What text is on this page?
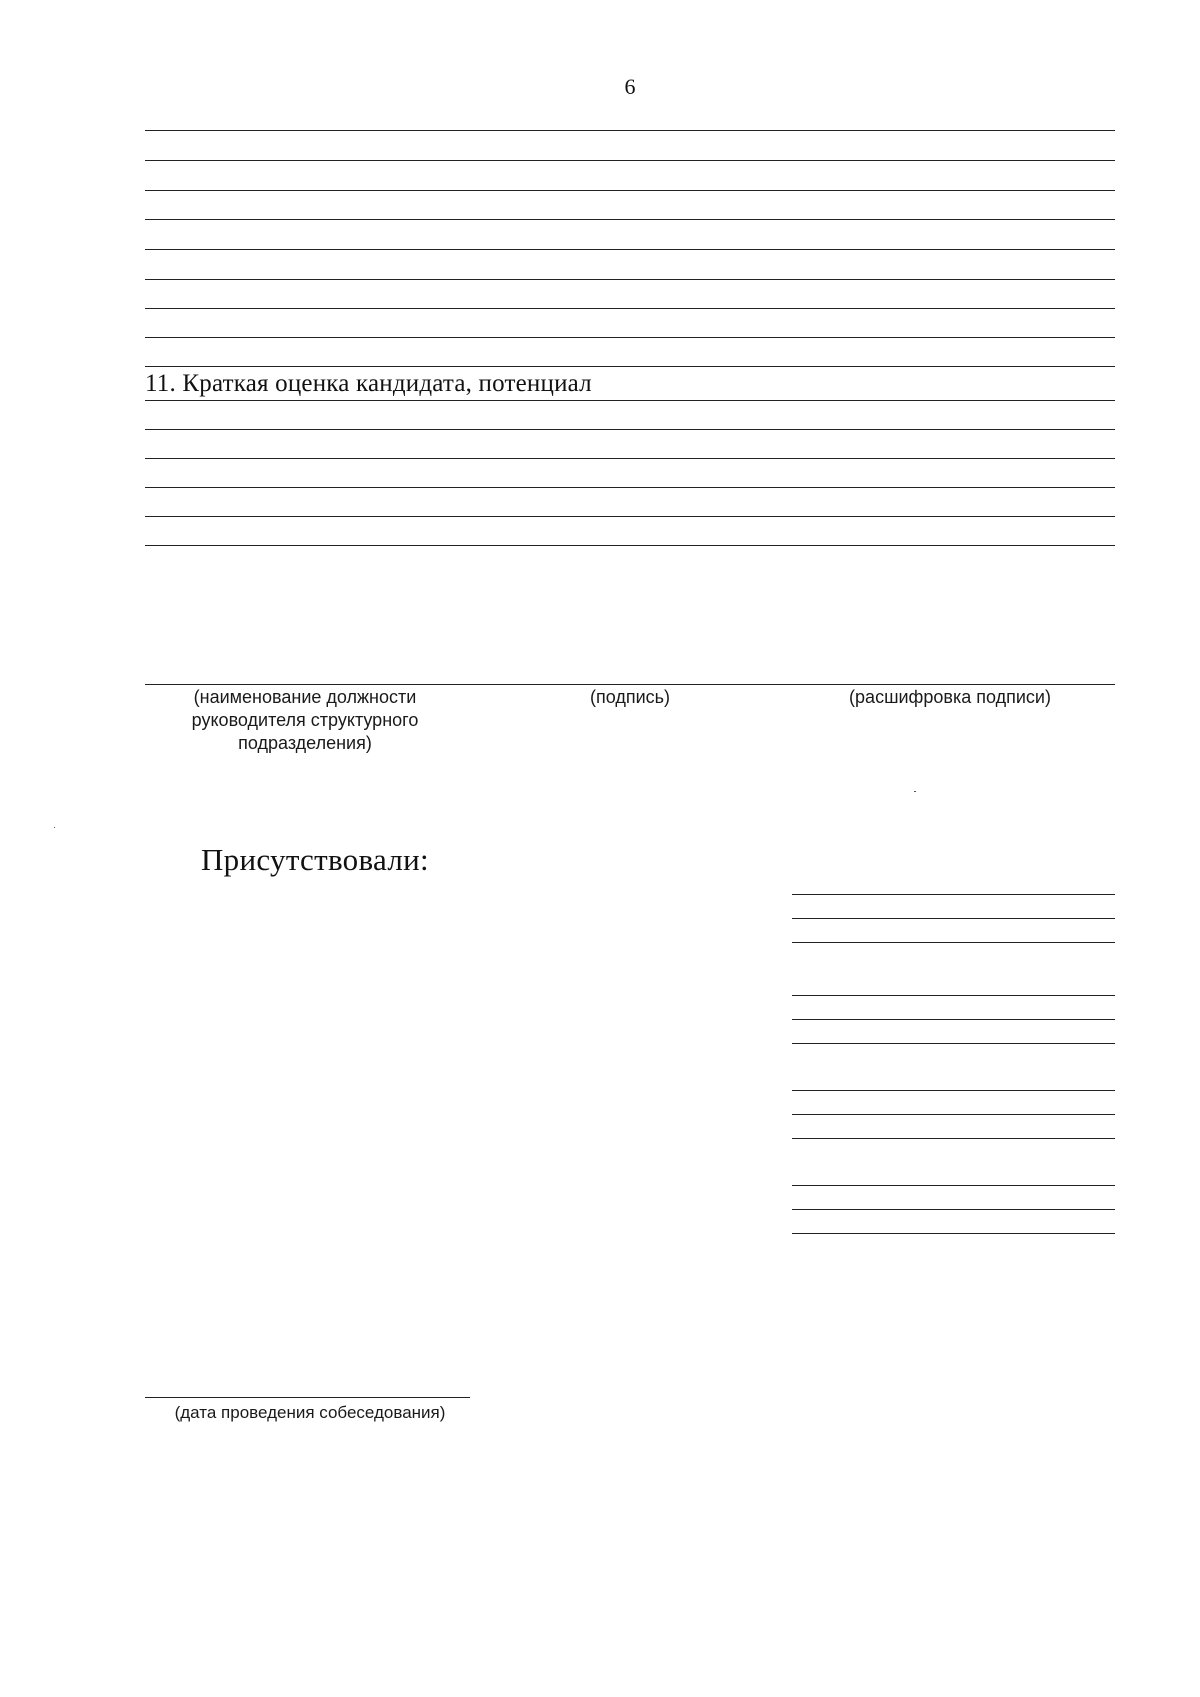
6
11. Краткая оценка кандидата, потенциал
(наименование должности руководителя структурного подразделения)
(подпись)	(расшифровка подписи)
Присутствовали:
(дата проведения собеседования)
